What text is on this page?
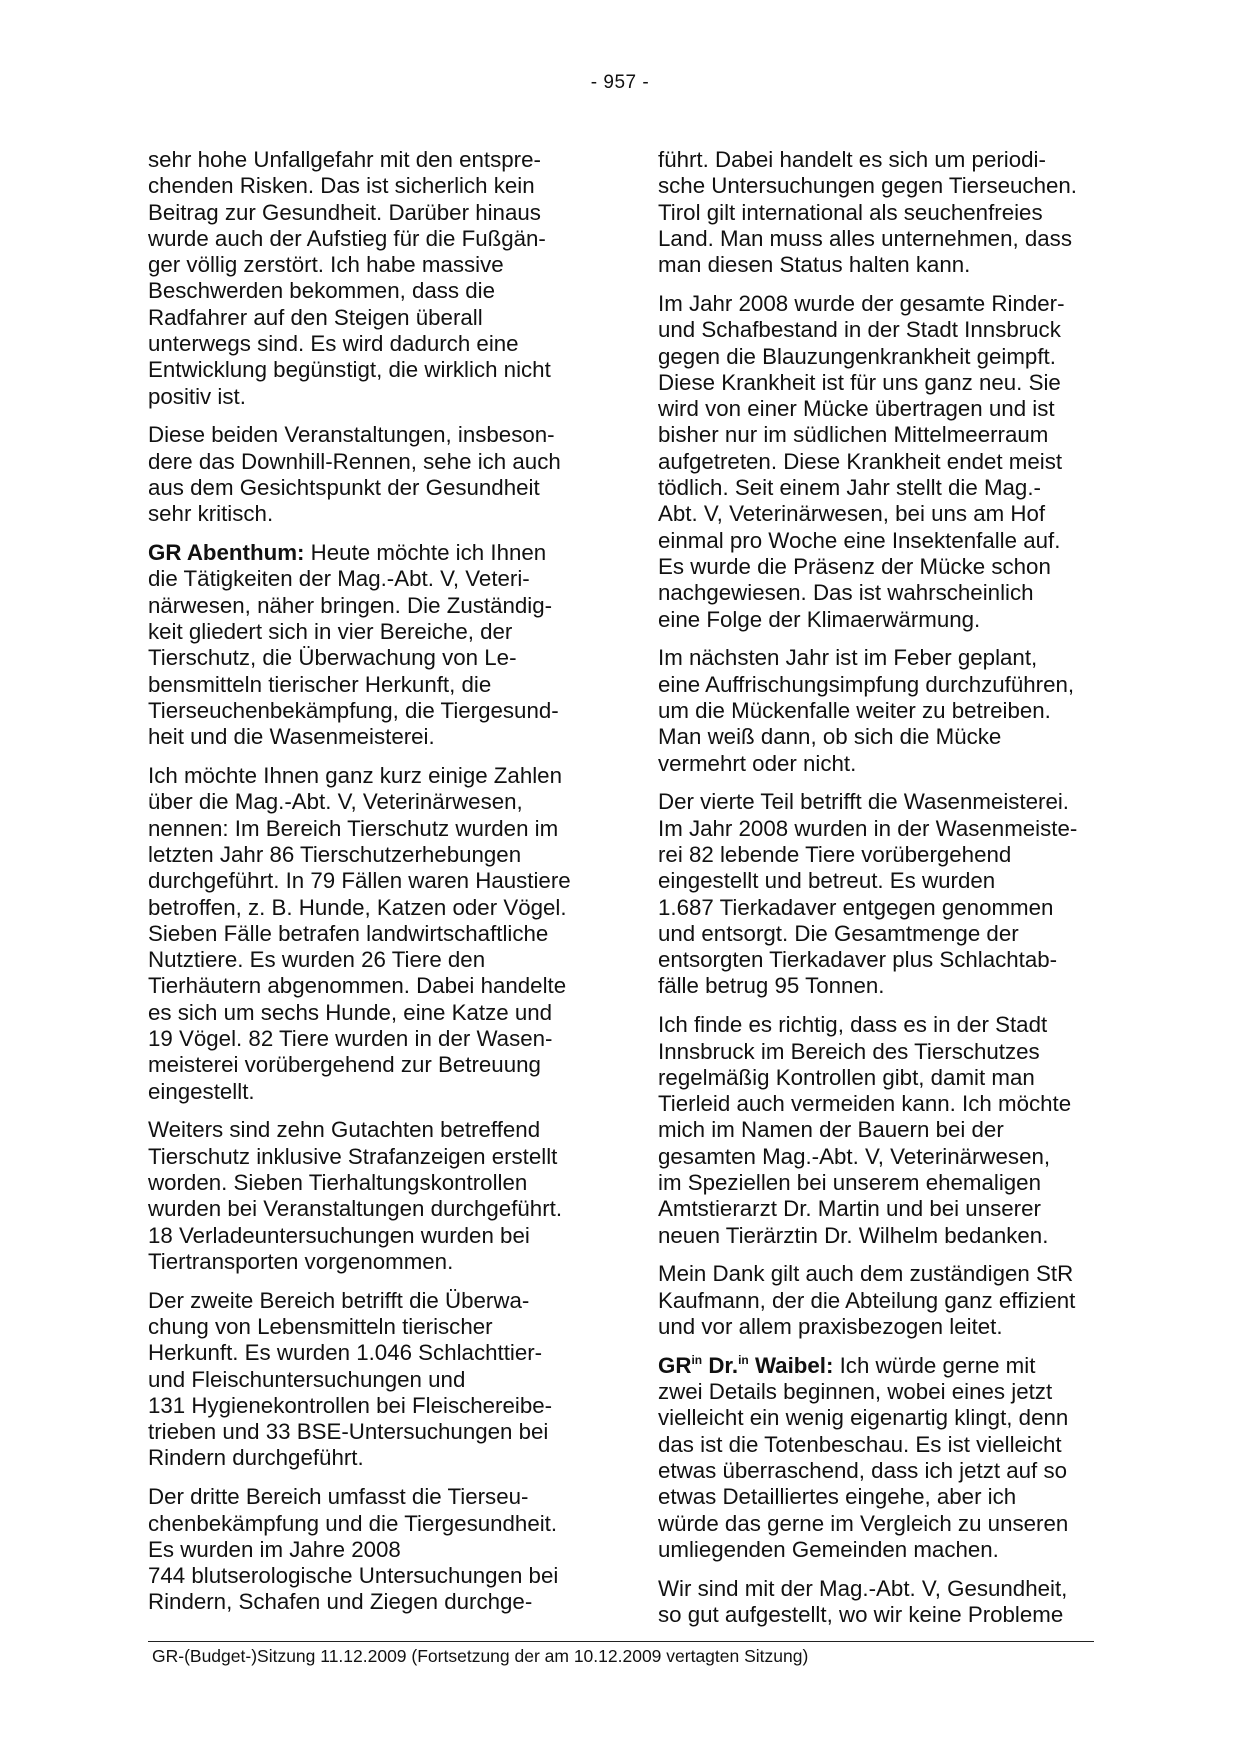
- 957 -

sehr hohe Unfallgefahr mit den entspre-
chenden Risken. Das ist sicherlich kein
Beitrag zur Gesundheit. Darüber hinaus
wurde auch der Aufstieg für die Fußgän-
ger völlig zerstört. Ich habe massive
Beschwerden bekommen, dass die
Radfahrer auf den Steigen überall
unterwegs sind. Es wird dadurch eine
Entwicklung begünstigt, die wirklich nicht
positiv ist.

Diese beiden Veranstaltungen, insbeson-
dere das Downhill-Rennen, sehe ich auch
aus dem Gesichtspunkt der Gesundheit
sehr kritisch.

GR Abenthum: Heute möchte ich Ihnen
die Tätigkeiten der Mag.-Abt. V, Veteri-
närwesen, näher bringen. Die Zuständig-
keit gliedert sich in vier Bereiche, der
Tierschutz, die Überwachung von Le-
bensmitteln tierischer Herkunft, die
Tierseuchenbekämpfung, die Tiergesund-
heit und die Wasenmeisterei.

Ich möchte Ihnen ganz kurz einige Zahlen
über die Mag.-Abt. V, Veterinärwesen,
nennen: Im Bereich Tierschutz wurden im
letzten Jahr 86 Tierschutzerhebungen
durchgeführt. In 79 Fällen waren Haustiere
betroffen, z. B. Hunde, Katzen oder Vögel.
Sieben Fälle betrafen landwirtschaftliche
Nutztiere. Es wurden 26 Tiere den
Tierhäutern abgenommen. Dabei handelte
es sich um sechs Hunde, eine Katze und
19 Vögel. 82 Tiere wurden in der Wasen-
meisterei vorübergehend zur Betreuung
eingestellt.

Weiters sind zehn Gutachten betreffend
Tierschutz inklusive Strafanzeigen erstellt
worden. Sieben Tierhaltungskontrollen
wurden bei Veranstaltungen durchgeführt.
18 Verladeuntersuchungen wurden bei
Tiertransporten vorgenommen.

Der zweite Bereich betrifft die Überwa-
chung von Lebensmitteln tierischer
Herkunft. Es wurden 1.046 Schlachttier-
und Fleischuntersuchungen und
131 Hygienekontrollen bei Fleischereibe-
trieben und 33 BSE-Untersuchungen bei
Rindern durchgeführt.

Der dritte Bereich umfasst die Tierseu-
chenbekämpfung und die Tiergesundheit.
Es wurden im Jahre 2008
744 blutserologische Untersuchungen bei
Rindern, Schafen und Ziegen durchge-

führt. Dabei handelt es sich um periodi-
sche Untersuchungen gegen Tierseuchen.
Tirol gilt international als seuchenfreies
Land. Man muss alles unternehmen, dass
man diesen Status halten kann.

Im Jahr 2008 wurde der gesamte Rinder-
und Schafbestand in der Stadt Innsbruck
gegen die Blauzungenkrankheit geimpft.
Diese Krankheit ist für uns ganz neu. Sie
wird von einer Mücke übertragen und ist
bisher nur im südlichen Mittelmeerraum
aufgetreten. Diese Krankheit endet meist
tödlich. Seit einem Jahr stellt die Mag.-
Abt. V, Veterinärwesen, bei uns am Hof
einmal pro Woche eine Insektenfalle auf.
Es wurde die Präsenz der Mücke schon
nachgewiesen. Das ist wahrscheinlich
eine Folge der Klimaerwärmung.

Im nächsten Jahr ist im Feber geplant,
eine Auffrischungsimpfung durchzuführen,
um die Mückenfalle weiter zu betreiben.
Man weiß dann, ob sich die Mücke
vermehrt oder nicht.

Der vierte Teil betrifft die Wasenmeisterei.
Im Jahr 2008 wurden in der Wasenmeiste-
rei 82 lebende Tiere vorübergehend
eingestellt und betreut. Es wurden
1.687 Tierkadaver entgegen genommen
und entsorgt. Die Gesamtmenge der
entsorgten Tierkadaver plus Schlachtab-
fälle betrug 95 Tonnen.

Ich finde es richtig, dass es in der Stadt
Innsbruck im Bereich des Tierschutzes
regelmäßig Kontrollen gibt, damit man
Tierleid auch vermeiden kann. Ich möchte
mich im Namen der Bauern bei der
gesamten Mag.-Abt. V, Veterinärwesen,
im Speziellen bei unserem ehemaligen
Amtstierarzt Dr. Martin und bei unserer
neuen Tierärztin Dr. Wilhelm bedanken.

Mein Dank gilt auch dem zuständigen StR
Kaufmann, der die Abteilung ganz effizient
und vor allem praxisbezogen leitet.

$GR^{in}$ Dr.$^{in}$ Waibel: Ich würde gerne mit
zwei Details beginnen, wobei eines jetzt
vielleicht ein wenig eigenartig klingt, denn
das ist die Totenbeschau. Es ist vielleicht
etwas überraschend, dass ich jetzt auf so
etwas Detailliertes eingehe, aber ich
würde das gerne im Vergleich zu unseren
umliegenden Gemeinden machen.

Wir sind mit der Mag.-Abt. V, Gesundheit,
so gut aufgestellt, wo wir keine Probleme

GR-(Budget-)Sitzung 11.12.2009 (Fortsetzung der am 10.12.2009 vertagten Sitzung)
